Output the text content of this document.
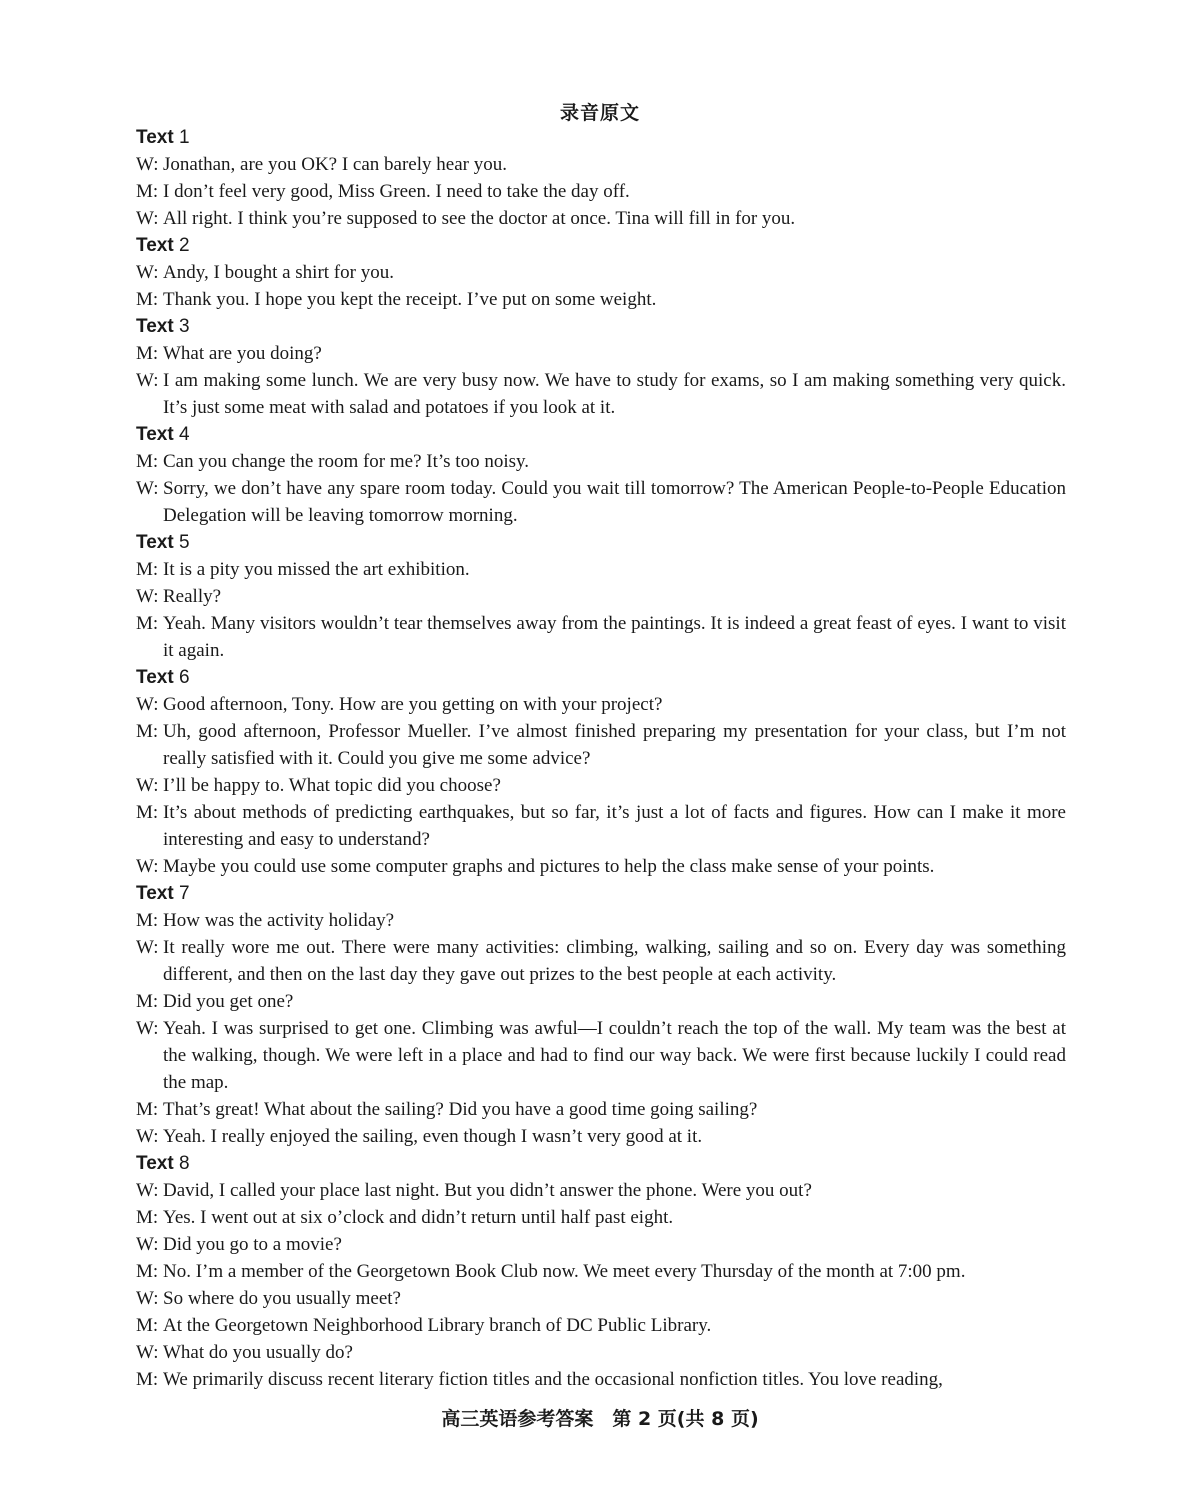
录音原文
Text 1
W: Jonathan, are you OK? I can barely hear you.
M: I don’t feel very good, Miss Green. I need to take the day off.
W: All right. I think you’re supposed to see the doctor at once. Tina will fill in for you.
Text 2
W: Andy, I bought a shirt for you.
M: Thank you. I hope you kept the receipt. I’ve put on some weight.
Text 3
M: What are you doing?
W: I am making some lunch. We are very busy now. We have to study for exams, so I am making something very quick. It’s just some meat with salad and potatoes if you look at it.
Text 4
M: Can you change the room for me? It’s too noisy.
W: Sorry, we don’t have any spare room today. Could you wait till tomorrow? The American People-to-People Education Delegation will be leaving tomorrow morning.
Text 5
M: It is a pity you missed the art exhibition.
W: Really?
M: Yeah. Many visitors wouldn’t tear themselves away from the paintings. It is indeed a great feast of eyes. I want to visit it again.
Text 6
W: Good afternoon, Tony. How are you getting on with your project?
M: Uh, good afternoon, Professor Mueller. I’ve almost finished preparing my presentation for your class, but I’m not really satisfied with it. Could you give me some advice?
W: I’ll be happy to. What topic did you choose?
M: It’s about methods of predicting earthquakes, but so far, it’s just a lot of facts and figures. How can I make it more interesting and easy to understand?
W: Maybe you could use some computer graphs and pictures to help the class make sense of your points.
Text 7
M: How was the activity holiday?
W: It really wore me out. There were many activities: climbing, walking, sailing and so on. Every day was something different, and then on the last day they gave out prizes to the best people at each activity.
M: Did you get one?
W: Yeah. I was surprised to get one. Climbing was awful—I couldn’t reach the top of the wall. My team was the best at the walking, though. We were left in a place and had to find our way back. We were first because luckily I could read the map.
M: That’s great! What about the sailing? Did you have a good time going sailing?
W: Yeah. I really enjoyed the sailing, even though I wasn’t very good at it.
Text 8
W: David, I called your place last night. But you didn’t answer the phone. Were you out?
M: Yes. I went out at six o’clock and didn’t return until half past eight.
W: Did you go to a movie?
M: No. I’m a member of the Georgetown Book Club now. We meet every Thursday of the month at 7:00 pm.
W: So where do you usually meet?
M: At the Georgetown Neighborhood Library branch of DC Public Library.
W: What do you usually do?
M: We primarily discuss recent literary fiction titles and the occasional nonfiction titles. You love reading,
高三英语参考答案　第 2 页(共 8 页)
